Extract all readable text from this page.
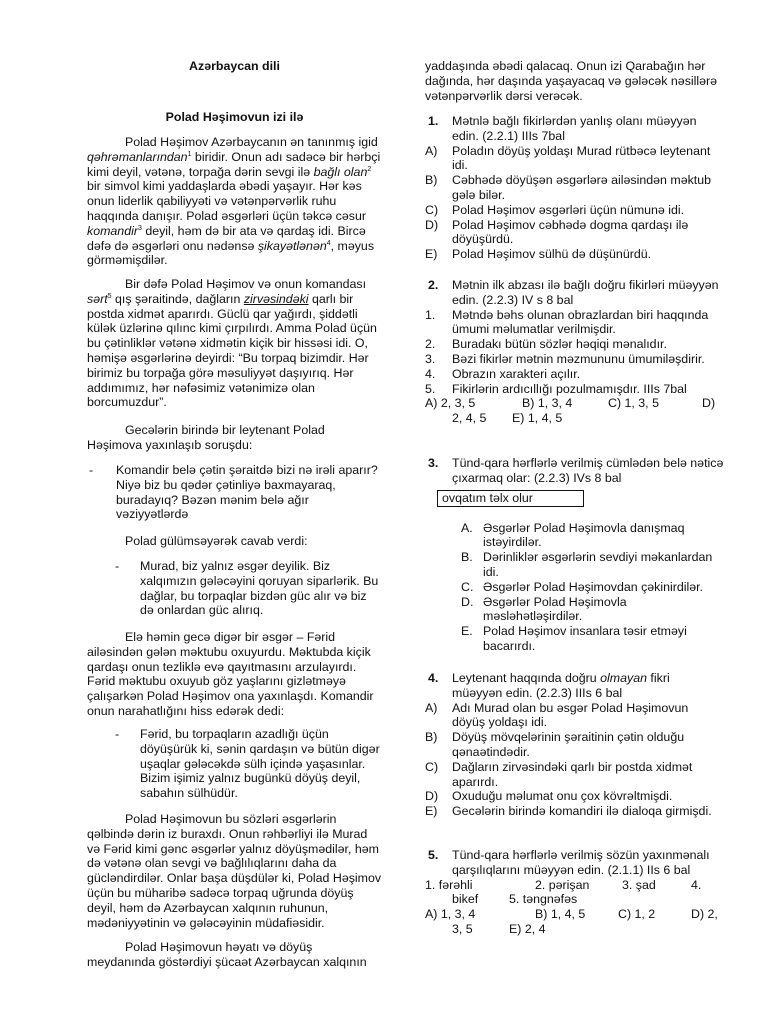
Azərbaycan dili

Polad Həşimovun izi ilə

Polad Həşimov Azərbaycanın ən tanınmış igid qəhrəmanlarından$^1$ biridir. Onun adı sadəcə bir hərbçi kimi deyil, vətənə, torpağa dərin sevgi ilə bağlı olan$^2$ bir simvol kimi yaddaşlarda əbədi yaşayır. Hər kəs onun liderlik qabiliyyəti və vətənpərvərlik ruhu haqqında danışır. Polad əsgərləri üçün təkcə cəsur komandir$^3$ deyil, həm də bir ata və qardaş idi. Bircə dəfə də əsgərləri onu nədənsə şikayətlənən$^4$, məyus görməmişdilər.

Bir dəfə Polad Həşimov və onun komandası sərt$^5$ qış şəraitində, dağların zirvəsindəki qarlı bir postda xidmət aparırdı. Güclü qar yağırdı, şiddətli külək üzlərinə qılınc kimi çırpılırdı. Amma Polad üçün bu çətinliklər vətənə xidmətin kiçik bir hissəsi idi. O, həmişə əsgərlərinə deyirdi: “Bu torpaq bizimdir. Hər birimiz bu torpağa görə məsuliyyət daşıyırıq. Hər addımımız, hər nəfəsimiz vətənimizə olan borcumuzdur”.

Gecələrin birində bir leytenant Polad Həşimova yaxınlaşıb soruşdu:

- Komandir belə çətin şəraitdə bizi nə irəli aparır? Niyə biz bu qədər çətinliyə baxmayaraq, buradayıq? Bəzən mənim belə ağır vəziyyətlərdə

Polad gülümsəyərək cavab verdi:

- Murad, biz yalnız əsgər deyilik. Biz xalqımızın gələcəyini qoruyan siparlərik. Bu dağlar, bu torpaqlar bizdən güc alır və biz də onlardan güc alırıq.

Elə həmin gecə digər bir əsgər – Fərid ailəsindən gələn məktubu oxuyurdu. Məktubda kiçik qardaşı onun tezliklə evə qayıtmasını arzulayırdı. Fərid məktubu oxuyub göz yaşlarını gizlətməyə çalışarkən Polad Həşimov ona yaxınlaşdı. Komandir onun narahatlığını hiss edərək dedi:

- Fərid, bu torpaqların azadlığı üçün döyüşürük ki, sənin qardaşın və bütün digər uşaqlar gələcəkdə sülh içində yaşasınlar. Bizim işimiz yalnız bugünkü döyüş deyil, sabahın sülhüdür.

Polad Həşimovun bu sözləri əsgərlərin qəlbində dərin iz buraxdı. Onun rəhbərliyi ilə Murad və Fərid kimi gənc əsgərlər yalnız döyüşmədilər, həm də vətənə olan sevgi və bağlılıqlarını daha da gücləndirdilər. Onlar başa düşdülər ki, Polad Həşimov üçün bu müharibə sadəcə torpaq uğrunda döyüş deyil, həm də Azərbaycan xalqının ruhunun, mədəniyyətinin və gələcəyinin müdafiəsidir.

Polad Həşimovun həyatı və döyüş meydanında göstərdiyi şücaət Azərbaycan xalqının

yaddaşında əbədi qalacaq. Onun izi Qarabağın hər dağında, hər daşında yaşayacaq və gələcək nəsillərə vətənpərvərlik dərsi verəcək.

1. Mətnlə bağlı fikirlərdən yanlış olanı müəyyən edin. (2.2.1) IIIs 7bal
A) Poladın döyüş yoldaşı Murad rütbəcə leytenant idi.
B) Cəbhədə döyüşən əsgərlərə ailəsindən məktub gələ bilər.
C) Polad Həşimov əsgərləri üçün nümunə idi.
D) Polad Həşimov cəbhədə dogma qardaşı ilə döyüşürdü.
E) Polad Həşimov sülhü də düşünürdü.
2. Mətnin ilk abzası ilə bağlı doğru fikirləri müəyyən edin. (2.2.3) IV s 8 bal
1. Mətndə bəhs olunan obrazlardan biri haqqında ümumi məlumatlar verilmişdir.
2. Buradakı bütün sözlər həqiqi mənalıdır.
3. Bəzi fikirlər mətnin məzmununu ümumiləşdirir.
4. Obrazın xarakteri açılır.
5. Fikirlərin ardıcıllığı pozulmamışdır. IIIs 7bal
A) 2, 3, 5	B) 1, 3, 4	C) 1, 3, 5	D)
2, 4, 5	E) 1, 4, 5
3. Tünd-qara hərflərlə verilmiş cümlədən belə nəticə çıxarmaq olar: (2.2.3) IVs 8 bal
ovqatım təlx olur
A. Əsgərlər Polad Həşimovla danışmaq istəyirdilər.
B. Dərinliklər əsgərlərin sevdiyi məkanlardan idi.
C. Əsgərlər Polad Həşimovdan çəkinirdilər.
D. Əsgərlər Polad Həşimovla məsləhətləşirdilər.
E. Polad Həşimov insanlara təsir etməyi bacarırdı.
4. Leytenant haqqında doğru olmayan fikri müəyyən edin. (2.2.3) IIIs 6 bal
A) Adı Murad olan bu əsgər Polad Həşimovun döyüş yoldaşı idi.
B) Döyüş mövqelərinin şəraitinin çətin olduğu qənaətindədir.
C) Dağların zirvəsindəki qarlı bir postda xidmət aparırdı.
D) Oxuduğu məlumat onu çox kövrəltmişdi.
E) Gecələrin birində komandiri ilə dialoqa girmişdi.
5. Tünd-qara hərflərlə verilmiş sözün yaxınmənalı qarşılıqlarını müəyyən edin. (2.1.1) IIs 6 bal
1. fərəhli	2. pərişan	3. şad	4.
bikef	5. təngnəfəs
A) 1, 3, 4	B) 1, 4, 5	C) 1, 2	D) 2,
3, 5	E) 2, 4
